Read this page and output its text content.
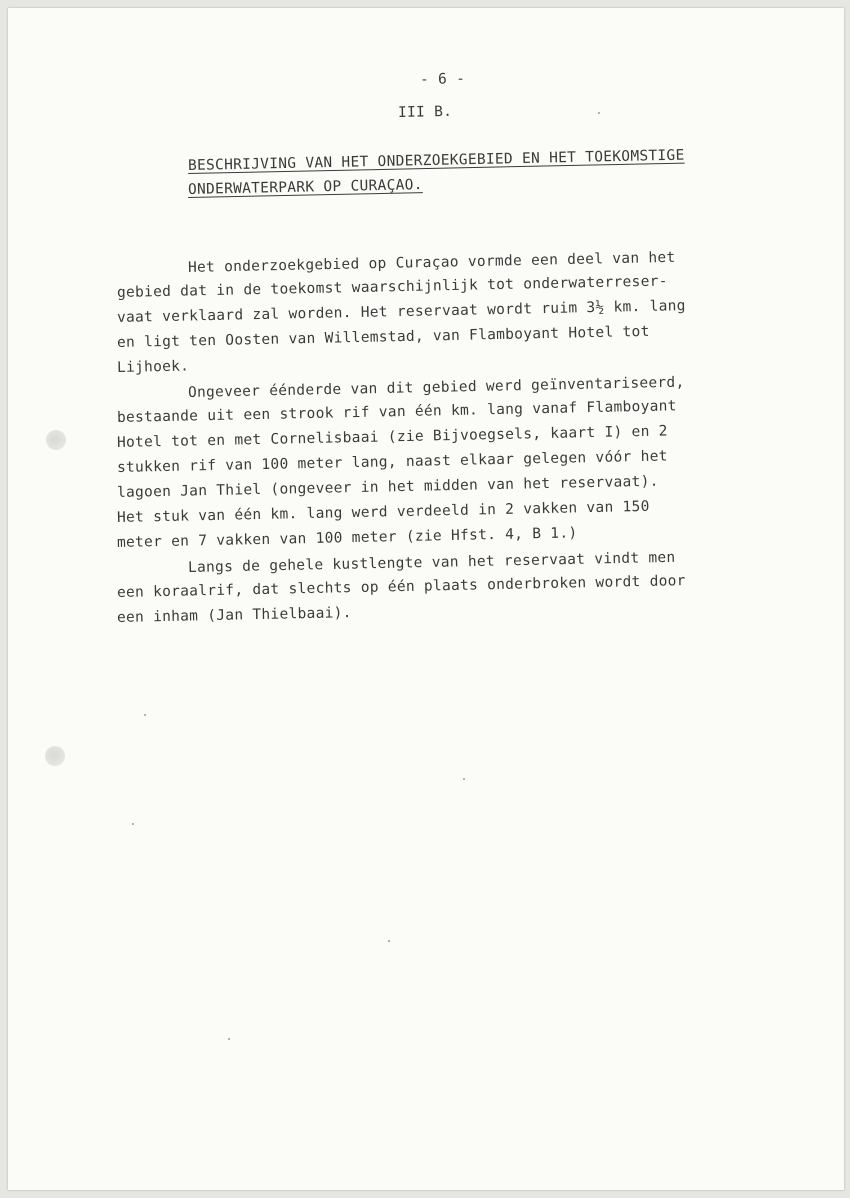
- 6 -
III B.
BESCHRIJVING VAN HET ONDERZOEKGEBIED EN HET TOEKOMSTIGE
ONDERWATERPARK OP CURAÇAO.
Het onderzoekgebied op Curaçao vormde een deel van het
gebied dat in de toekomst waarschijnlijk tot onderwaterreser-
vaat verklaard zal worden. Het reservaat wordt ruim 3½ km. lang
en ligt ten Oosten van Willemstad, van Flamboyant Hotel tot
Lijhoek.
Ongeveer éénderde van dit gebied werd geïnventariseerd,
bestaande uit een strook rif van één km. lang vanaf Flamboyant
Hotel tot en met Cornelisbaai (zie Bijvoegsels, kaart I) en 2
stukken rif van 100 meter lang, naast elkaar gelegen vóór het
lagoen Jan Thiel (ongeveer in het midden van het reservaat).
Het stuk van één km. lang werd verdeeld in 2 vakken van 150
meter en 7 vakken van 100 meter (zie Hfst. 4, B 1.)
Langs de gehele kustlengte van het reservaat vindt men
een koraalrif, dat slechts op één plaats onderbroken wordt door
een inham (Jan Thielbaai).
